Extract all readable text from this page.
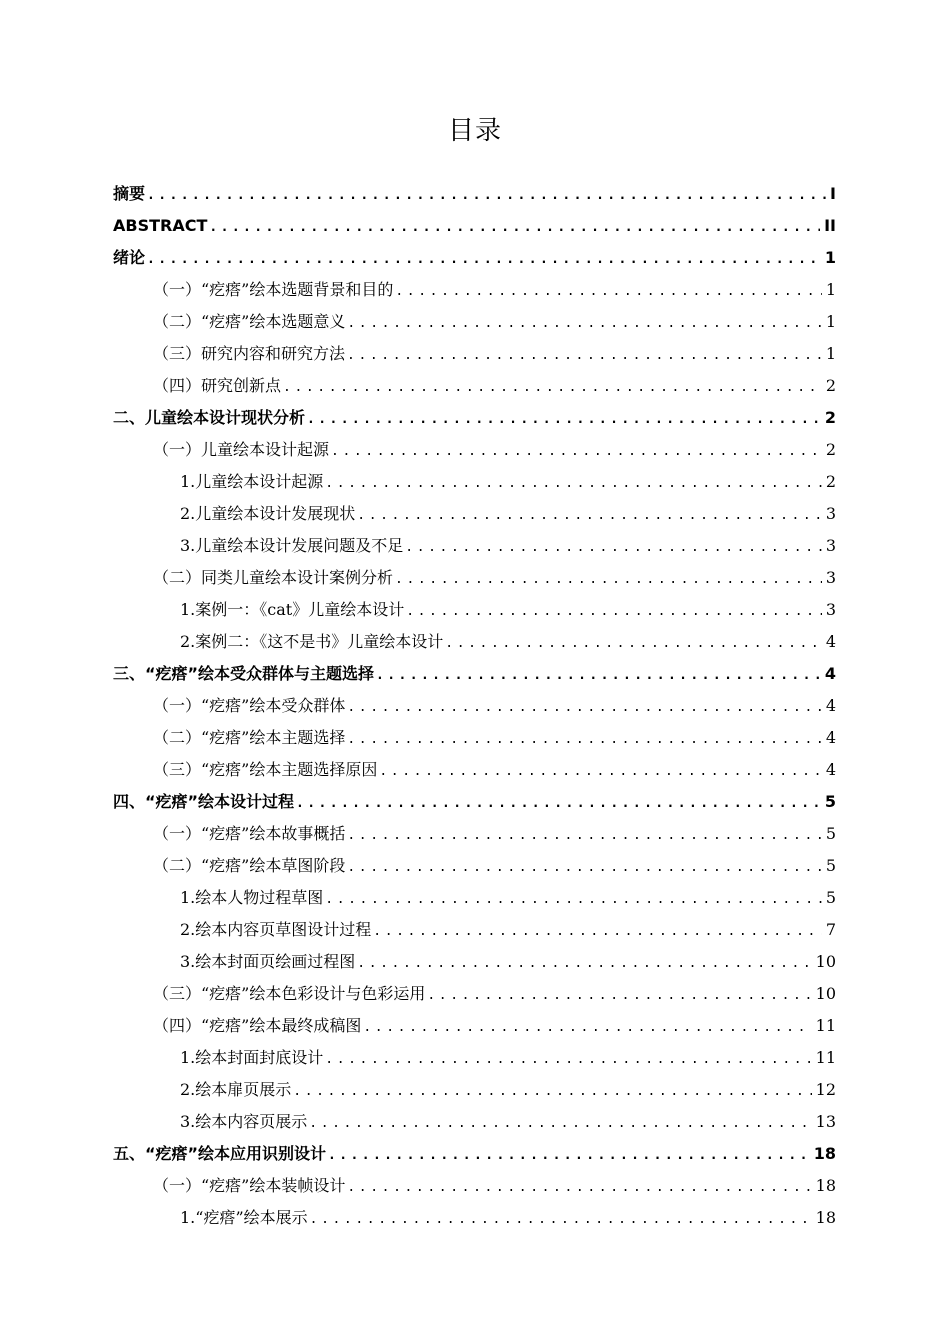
目录
摘要 .....	I
ABSTRACT .....	II
绪论 .....	1
（一）“疙瘩”绘本选题背景和目的 .....	1
（二）“疙瘩”绘本选题意义 .....	1
（三）研究内容和研究方法 .....	1
（四）研究创新点 .....	2
二、儿童绘本设计现状分析 .....	2
（一）儿童绘本设计起源 .....	2
1.儿童绘本设计起源 .....	2
2.儿童绘本设计发展现状 .....	3
3.儿童绘本设计发展问题及不足 .....	3
（二）同类儿童绘本设计案例分析 .....	3
1.案例一：《cat》儿童绘本设计 .....	3
2.案例二：《这不是书》儿童绘本设计 .....	4
三、“疙瘩”绘本受众群体与主题选择 .....	4
（一）“疙瘩”绘本受众群体 .....	4
（二）“疙瘩”绘本主题选择 .....	4
（三）“疙瘩”绘本主题选择原因 .....	4
四、“疙瘩”绘本设计过程 .....	5
（一）“疙瘩”绘本故事概括 .....	5
（二）“疙瘩”绘本草图阶段 .....	5
1.绘本人物过程草图 .....	5
2.绘本内容页草图设计过程 .....	7
3.绘本封面页绘画过程图 .....	10
（三）“疙瘩”绘本色彩设计与色彩运用 .....	10
（四）“疙瘩”绘本最终成稿图 .....	11
1.绘本封面封底设计 .....	11
2.绘本扉页展示 .....	12
3.绘本内容页展示 .....	13
五、“疙瘩”绘本应用识别设计 .....	18
（一）“疙瘩”绘本装帧设计 .....	18
1.“疙瘩”绘本展示 .....	18
